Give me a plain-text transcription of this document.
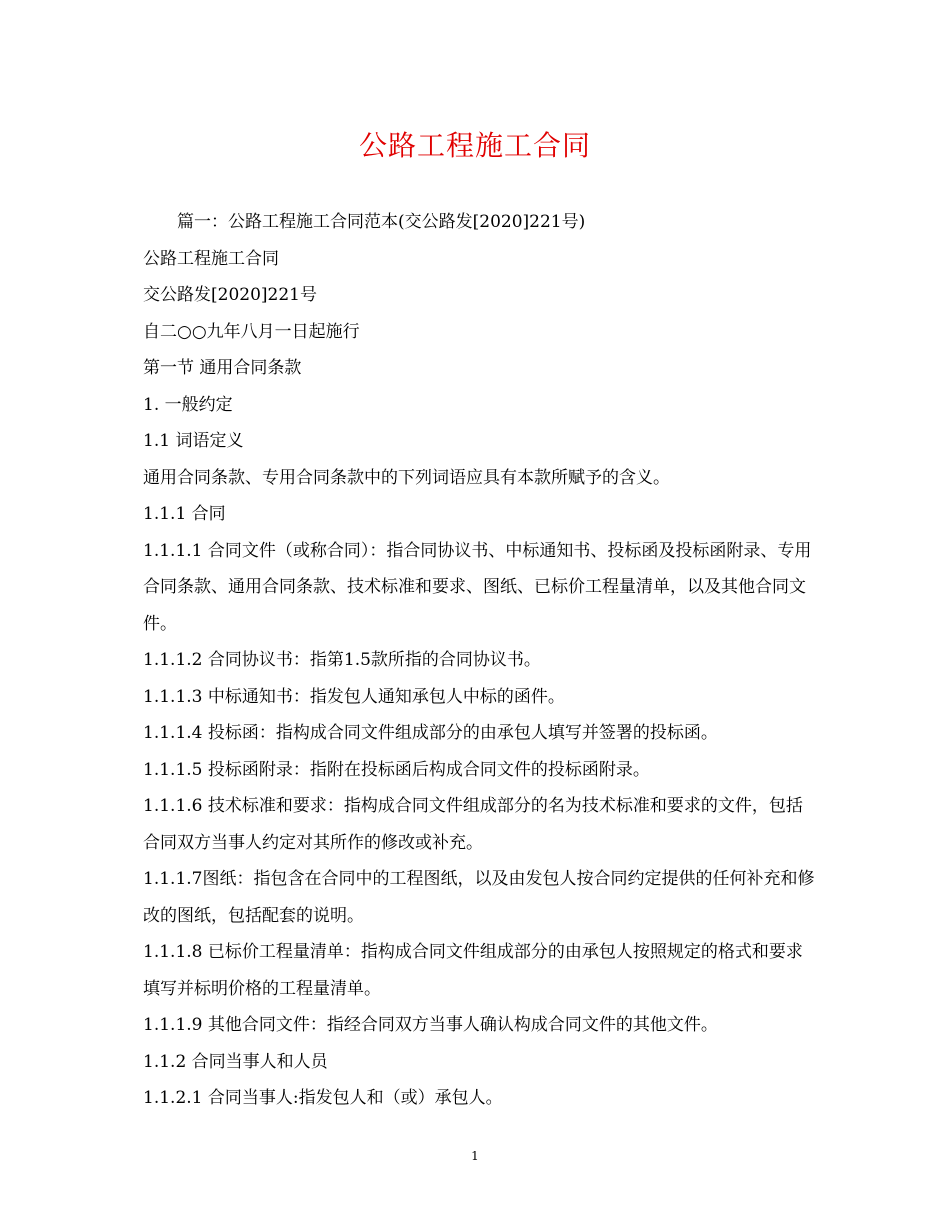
公路工程施工合同

篇一：公路工程施工合同范本(交公路发[2020]221号)

公路工程施工合同

交公路发[2020]221号

自二○○九年八月一日起施行

第一节 通用合同条款

1. 一般约定

1.1 词语定义

通用合同条款、专用合同条款中的下列词语应具有本款所赋予的含义。

1.1.1 合同

1.1.1.1 合同文件（或称合同）：指合同协议书、中标通知书、投标函及投标函附录、专用合同条款、通用合同条款、技术标准和要求、图纸、已标价工程量清单，以及其他合同文件。

1.1.1.2 合同协议书：指第1.5款所指的合同协议书。

1.1.1.3 中标通知书：指发包人通知承包人中标的函件。

1.1.1.4 投标函：指构成合同文件组成部分的由承包人填写并签署的投标函。

1.1.1.5 投标函附录：指附在投标函后构成合同文件的投标函附录。

1.1.1.6 技术标准和要求：指构成合同文件组成部分的名为技术标准和要求的文件，包括合同双方当事人约定对其所作的修改或补充。

1.1.1.7图纸：指包含在合同中的工程图纸，以及由发包人按合同约定提供的任何补充和修改的图纸，包括配套的说明。

1.1.1.8 已标价工程量清单：指构成合同文件组成部分的由承包人按照规定的格式和要求填写并标明价格的工程量清单。

1.1.1.9 其他合同文件：指经合同双方当事人确认构成合同文件的其他文件。

1.1.2 合同当事人和人员

1.1.2.1 合同当事人:指发包人和（或）承包人。

1
